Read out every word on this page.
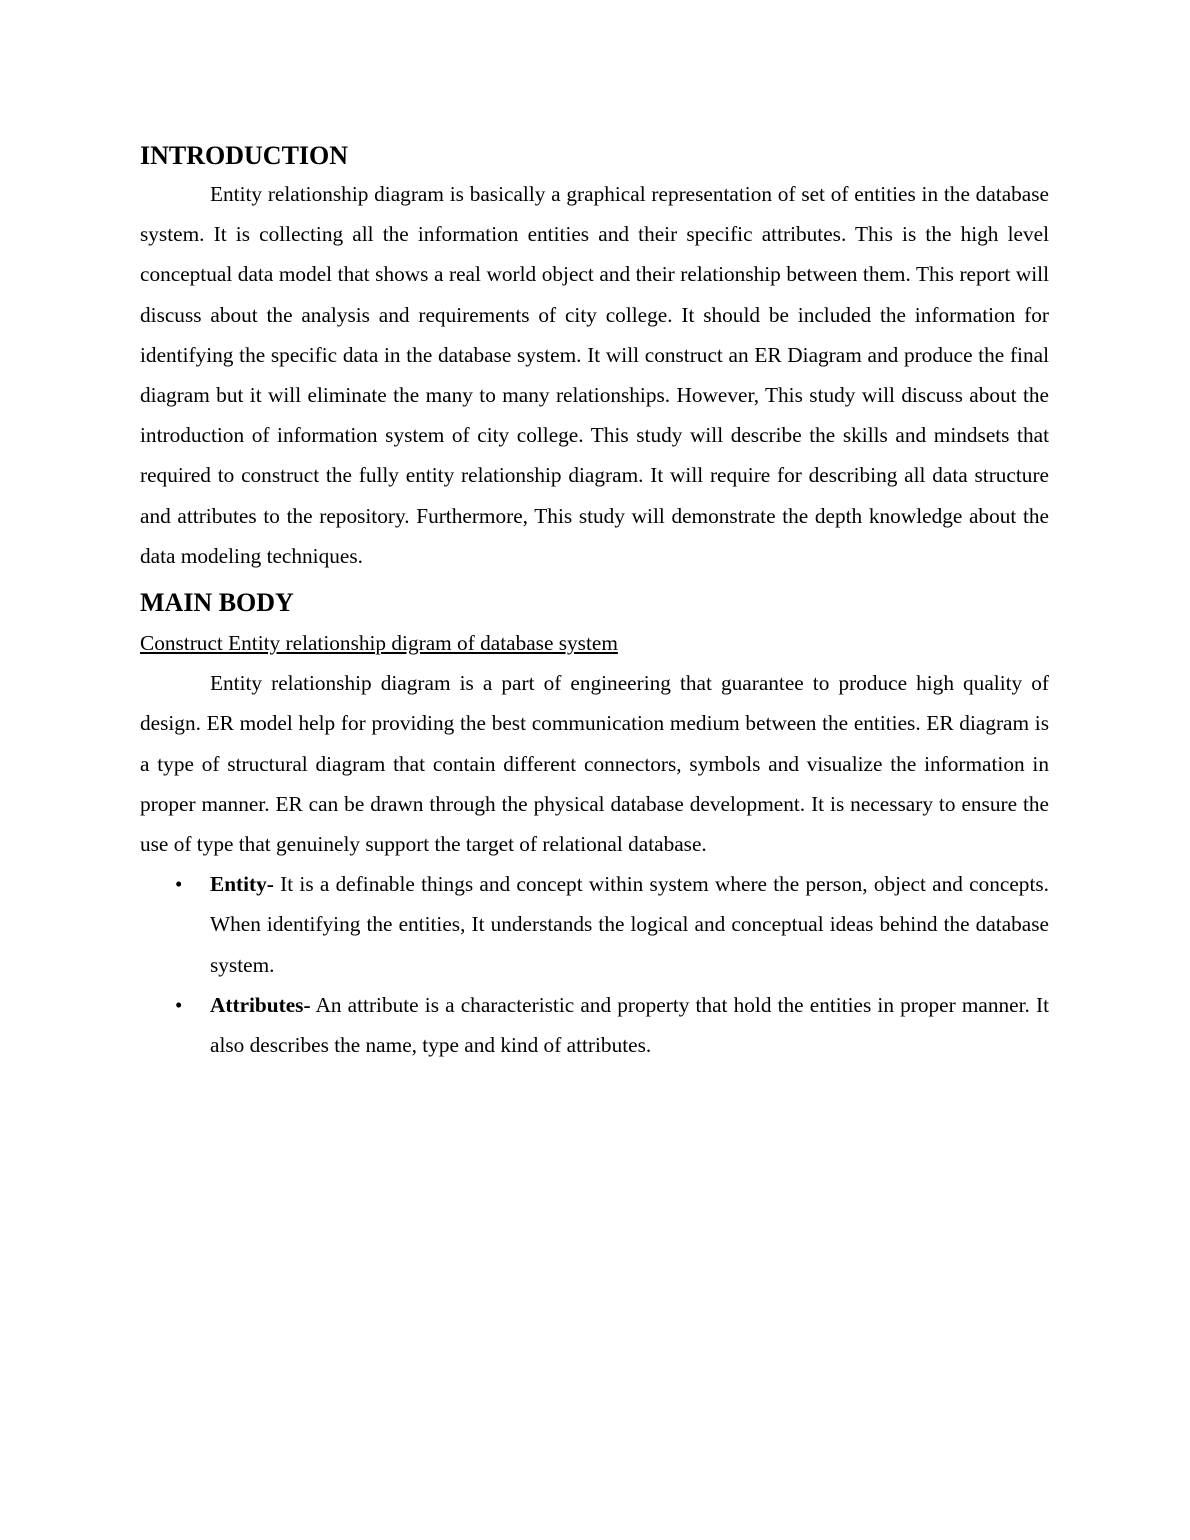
INTRODUCTION

Entity relationship diagram is basically a graphical representation of set of entities in the database system. It is collecting all the information entities and their specific attributes. This is the high level conceptual data model that shows a real world object and their relationship between them. This report will discuss about the analysis and requirements of city college. It should be included the information for identifying the specific data in the database system. It will construct an ER Diagram and produce the final diagram but it will eliminate the many to many relationships. However, This study will discuss about the introduction of information system of city college. This study will describe the skills and mindsets that required to construct the fully entity relationship diagram. It will require for describing all data structure and attributes to the repository. Furthermore, This study will demonstrate the depth knowledge about the data modeling techniques.

MAIN BODY

Construct Entity relationship digram of database system

Entity relationship diagram is a part of engineering that guarantee to produce high quality of design. ER model help for providing the best communication medium between the entities. ER diagram is a type of structural diagram that contain different connectors, symbols and visualize the information in proper manner. ER can be drawn through the physical database development. It is necessary to ensure the use of type that genuinely support the target of relational database.

• Entity- It is a definable things and concept within system where the person, object and concepts. When identifying the entities, It understands the logical and conceptual ideas behind the database system.
• Attributes- An attribute is a characteristic and property that hold the entities in proper manner. It also describes the name, type and kind of attributes.
